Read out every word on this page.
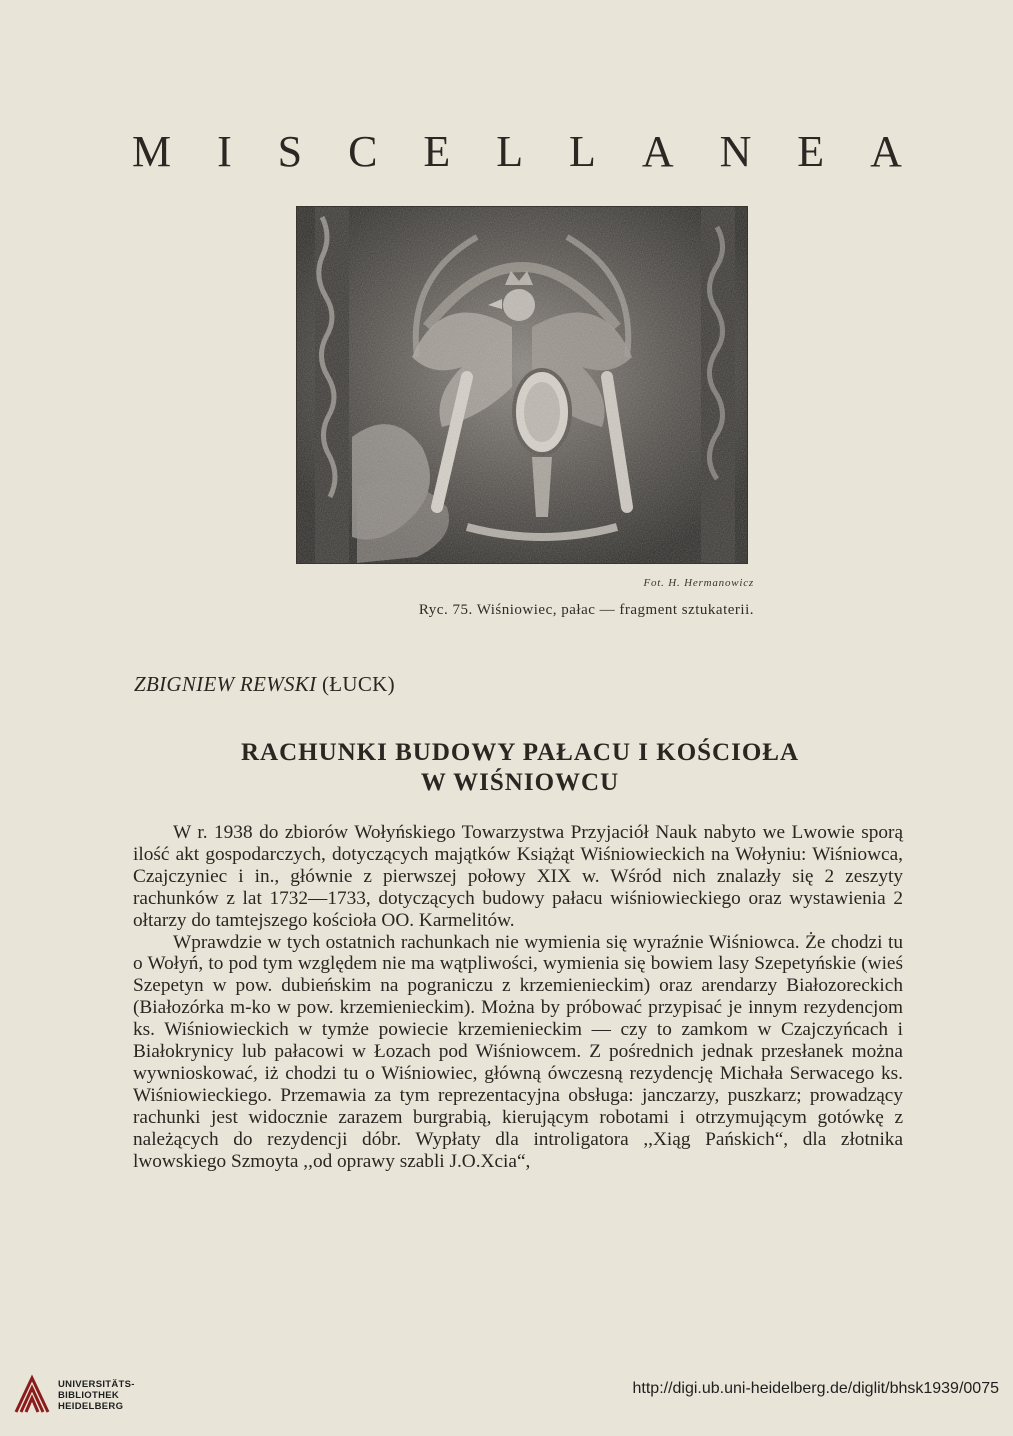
M I S C E L L A N E A
Fot. H. Hermanowicz
Ryc. 75. Wiśniowiec, pałac — fragment sztukaterii.
ZBIGNIEW REWSKI (ŁUCK)
RACHUNKI BUDOWY PAŁACU I KOŚCIOŁA
W WIŚNIOWCU

W r. 1938 do zbiorów Wołyńskiego Towarzystwa Przyjaciół Nauk nabyto we Lwowie sporą ilość akt gospodarczych, dotyczących majątków Książąt Wiśniowieckich na Wołyniu: Wiśniowca, Czajczyniec i in., głównie z pierwszej połowy XIX w. Wśród nich znalazły się 2 zeszyty rachunków z lat 1732—1733, dotyczących budowy pałacu wiśniowieckiego oraz wystawienia 2 ołtarzy do tamtejszego kościoła OO. Karmelitów.

Wprawdzie w tych ostatnich rachunkach nie wymienia się wyraźnie Wiśniowca. Że chodzi tu o Wołyń, to pod tym względem nie ma wątpliwości, wymienia się bowiem lasy Szepetyńskie (wieś Szepetyn w pow. dubieńskim na pograniczu z krzemienieckim) oraz arendarzy Białozoreckich (Białozórka m-ko w pow. krzemienieckim). Można by próbować przypisać je innym rezydencjom ks. Wiśniowieckich w tymże powiecie krzemienieckim — czy to zamkom w Czajczyńcach i Białokrynicy lub pałacowi w Łozach pod Wiśniowcem. Z pośrednich jednak przesłanek można wywnioskować, iż chodzi tu o Wiśniowiec, główną ówczesną rezydencję Michała Serwacego ks. Wiśniowieckiego. Przemawia za tym reprezentacyjna obsługa: janczarzy, puszkarz; prowadzący rachunki jest widocznie zarazem burgrabią, kierującym robotami i otrzymującym gotówkę z należących do rezydencji dóbr. Wypłaty dla introligatora ,,Xiąg Pańskich“, dla złotnika lwowskiego Szmoyta ,,od oprawy szabli J.O.Xcia“,

UNIVERSITÄTS-
BIBLIOTHEK
HEIDELBERG
http://digi.ub.uni-heidelberg.de/diglit/bhsk1939/0075
